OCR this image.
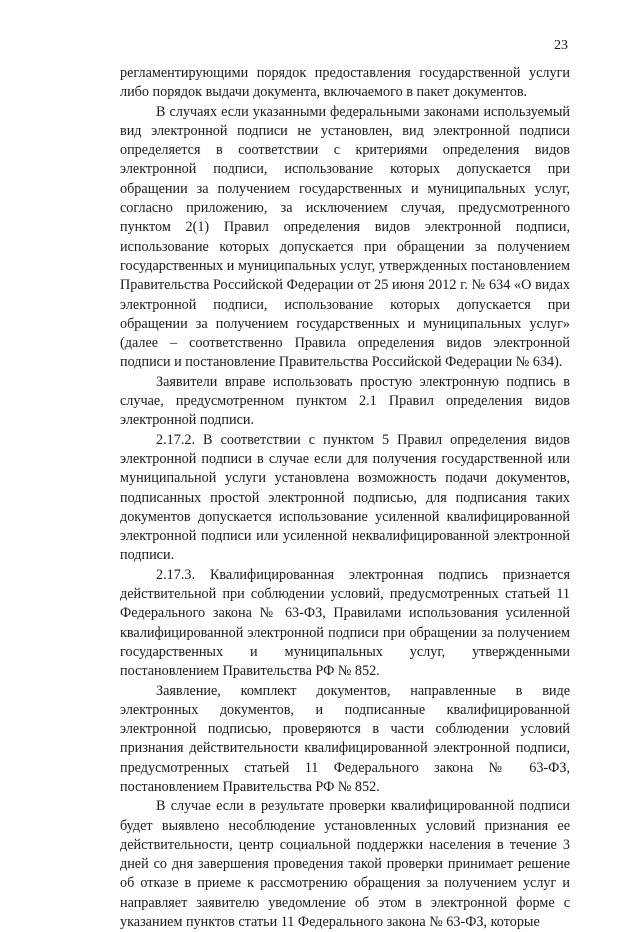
23

регламентирующими порядок предоставления государственной услуги либо порядок выдачи документа, включаемого в пакет документов.

В случаях если указанными федеральными законами используемый вид электронной подписи не установлен, вид электронной подписи определяется в соответствии с критериями определения видов электронной подписи, использование которых допускается при обращении за получением государственных и муниципальных услуг, согласно приложению, за исключением случая, предусмотренного пунктом 2(1) Правил определения видов электронной подписи, использование которых допускается при обращении за получением государственных и муниципальных услуг, утвержденных постановлением Правительства Российской Федерации от 25 июня 2012 г. № 634 «О видах электронной подписи, использование которых допускается при обращении за получением государственных и муниципальных услуг» (далее – соответственно Правила определения видов электронной подписи и постановление Правительства Российской Федерации № 634).

Заявители вправе использовать простую электронную подпись в случае, предусмотренном пунктом 2.1 Правил определения видов электронной подписи.

2.17.2. В соответствии с пунктом 5 Правил определения видов электронной подписи в случае если для получения государственной или муниципальной услуги установлена возможность подачи документов, подписанных простой электронной подписью, для подписания таких документов допускается использование усиленной квалифицированной электронной подписи или усиленной неквалифицированной электронной подписи.

2.17.3. Квалифицированная электронная подпись признается действительной при соблюдении условий, предусмотренных статьей 11 Федерального закона № 63-ФЗ, Правилами использования усиленной квалифицированной электронной подписи при обращении за получением государственных и муниципальных услуг, утвержденными постановлением Правительства РФ № 852.

Заявление, комплект документов, направленные в виде электронных документов, и подписанные квалифицированной электронной подписью, проверяются в части соблюдении условий признания действительности квалифицированной электронной подписи, предусмотренных статьей 11 Федерального закона № 63-ФЗ, постановлением Правительства РФ № 852.

В случае если в результате проверки квалифицированной подписи будет выявлено несоблюдение установленных условий признания ее действительности, центр социальной поддержки населения в течение 3 дней со дня завершения проведения такой проверки принимает решение об отказе в приеме к рассмотрению обращения за получением услуг и направляет заявителю уведомление об этом в электронной форме с указанием пунктов статьи 11 Федерального закона № 63-ФЗ, которые
